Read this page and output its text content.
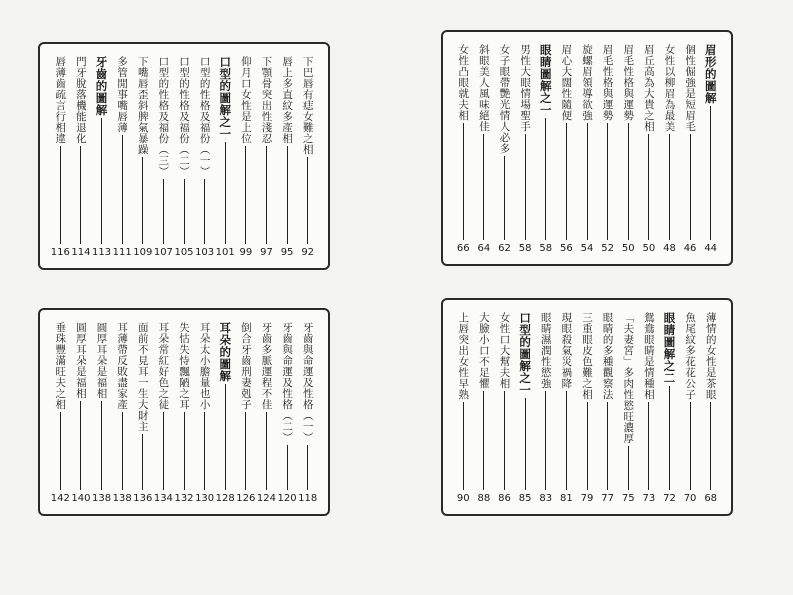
下巴唇有痣女難之相
92
唇上多直紋多產相
95
下顎骨突出性淺忍
97
仰月口女性是上位
99
口型的圖解之一
101
口型的性格及福份（一）
103
口型的性格及福份（二）
105
口型的性格及福份（三）
107
下嘴唇歪斜脾氣暴躁
109
多管閒事嘴唇薄
111
牙齒的圖解
113
門牙脫落機能退化
114
唇薄齒疏言行相違
116
眉形的圖解
44
個性倔強是短眉毛
46
女性以柳眉為最美
48
眉丘高為大貴之相
50
眉毛性格與運勢
50
眉毛性格與運勢
52
旋螺眉領導欲強
54
眉心大闊性隨便
56
眼睛圖解之一
58
男性大眼情場聖手
58
女子眼帶艷光情人必多
62
斜眼美人風味絕佳
64
女性凸眼就夫相
66
牙齒與命運及性格（一）
118
牙齒與命運及性格（二）
120
牙齒多脈運程不佳
124
倒合牙齒刑妻剋子
126
耳朵的圖解
128
耳朵太小膽量也小
130
失怙失恃飄陋之耳
132
耳朵常紅好色之徒
134
面前不見耳一生大財主
136
耳薄帶反敗盡家產
138
圓厚耳朵是福相
138
圓厚耳朵是福相
140
垂珠豐滿旺夫之相
142
薄情的女性是茶眼
68
魚尾紋多花花公子
70
眼睛圖解之二
72
鴛鴦眼睛是情種相
73
「夫妻宮」多肉性慾旺濃厚
75
眼睛的多種觀察法
77
三重眼皮色難之相
79
現眼殺氣災禍降
81
眼睛濕潤性慾強
83
口型的圖解之一
85
女性口大幫夫相
86
大臉小口不足懼
88
上唇突出女性早熟
90
